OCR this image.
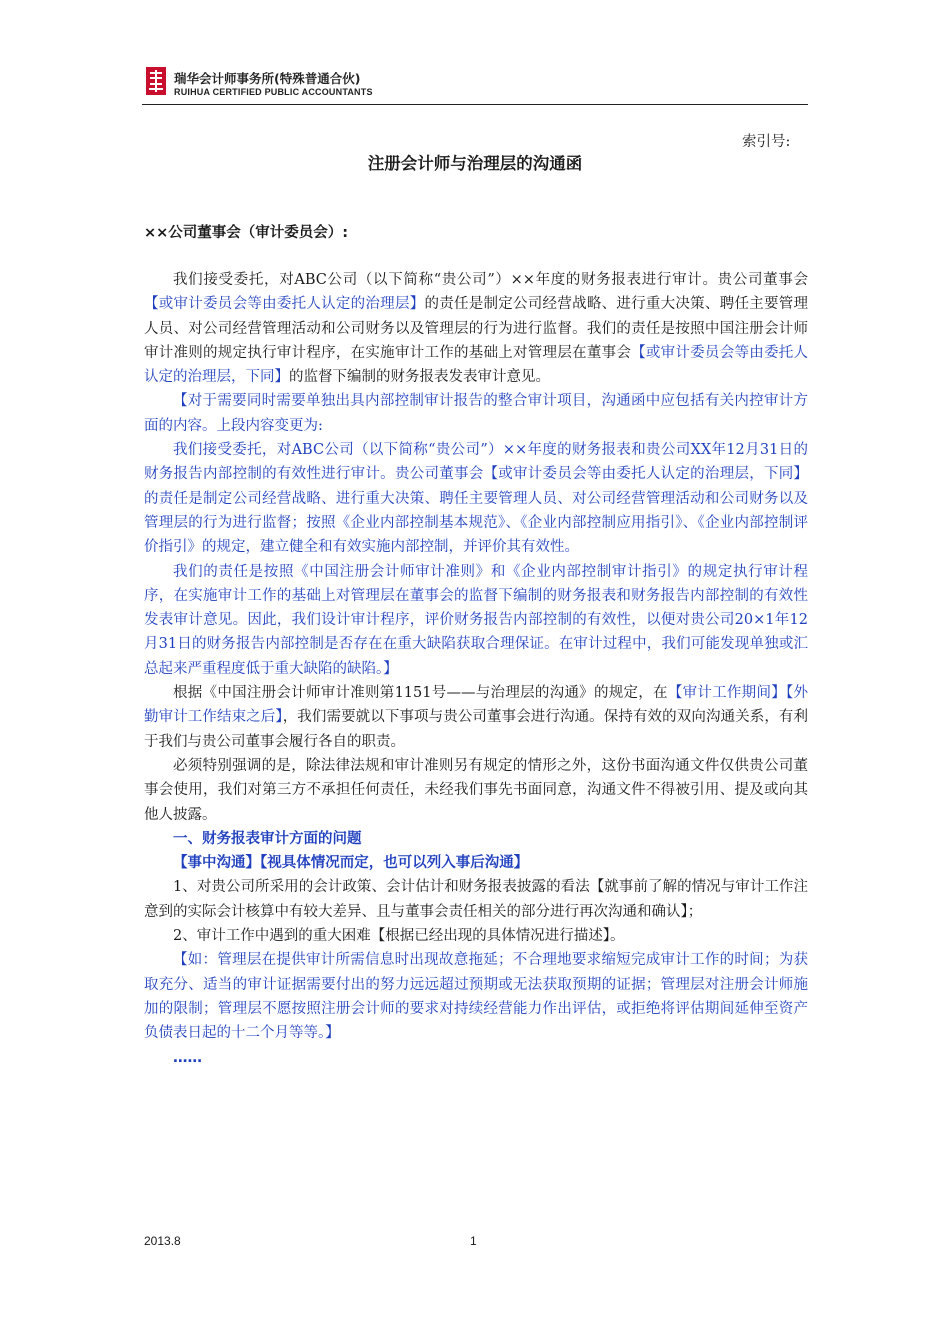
瑞华会计师事务所(特殊普通合伙)
RUIHUA CERTIFIED PUBLIC ACCOUNTANTS
索引号:
注册会计师与治理层的沟通函
××公司董事会（审计委员会）:

我们接受委托，对ABC公司（以下简称“贵公司”）××年度的财务报表进行审计。贵公司董事会【或审计委员会等由委托人认定的治理层】的责任是制定公司经营战略、进行重大决策、聘任主要管理人员、对公司经营管理活动和公司财务以及管理层的行为进行监督。我们的责任是按照中国注册会计师审计准则的规定执行审计程序，在实施审计工作的基础上对管理层在董事会【或审计委员会等由委托人认定的治理层，下同】的监督下编制的财务报表发表审计意见。

【对于需要同时需要单独出具内部控制审计报告的整合审计项目，沟通函中应包括有关内控审计方面的内容。上段内容变更为:

我们接受委托，对ABC公司（以下简称“贵公司”）××年度的财务报表和贵公司XX年12月31日的财务报告内部控制的有效性进行审计。贵公司董事会【或审计委员会等由委托人认定的治理层，下同】的责任是制定公司经营战略、进行重大决策、聘任主要管理人员、对公司经营管理活动和公司财务以及管理层的行为进行监督；按照《企业内部控制基本规范》、《企业内部控制应用指引》、《企业内部控制评价指引》的规定，建立健全和有效实施内部控制，并评价其有效性。

我们的责任是按照《中国注册会计师审计准则》和《企业内部控制审计指引》的规定执行审计程序，在实施审计工作的基础上对管理层在董事会的监督下编制的财务报表和财务报告内部控制的有效性发表审计意见。因此，我们设计审计程序，评价财务报告内部控制的有效性，以便对贵公司20×1年12月31日的财务报告内部控制是否存在在重大缺陷获取合理保证。在审计过程中，我们可能发现单独或汇总起来严重程度低于重大缺陷的缺陷。】

根据《中国注册会计师审计准则第1151号——与治理层的沟通》的规定，在【审计工作期间】【外勤审计工作结束之后】，我们需要就以下事项与贵公司董事会进行沟通。保持有效的双向沟通关系，有利于我们与贵公司董事会履行各自的职责。

必须特别强调的是，除法律法规和审计准则另有规定的情形之外，这份书面沟通文件仅供贵公司董事会使用，我们对第三方不承担任何责任，未经我们事先书面同意，沟通文件不得被引用、提及或向其他人披露。

一、财务报表审计方面的问题

【事中沟通】【视具体情况而定，也可以列入事后沟通】

1、对贵公司所采用的会计政策、会计估计和财务报表披露的看法【就事前了解的情况与审计工作注意到的实际会计核算中有较大差异、且与董事会责任相关的部分进行再次沟通和确认】；

2、审计工作中遇到的重大困难【根据已经出现的具体情况进行描述】。

【如：管理层在提供审计所需信息时出现故意拖延；不合理地要求缩短完成审计工作的时间；为获取充分、适当的审计证据需要付出的努力远远超过预期或无法获取预期的证据；管理层对注册会计师施加的限制；管理层不愿按照注册会计师的要求对持续经营能力作出评估，或拒绝将评估期间延伸至资产负债表日起的十二个月等等。】

……

2013.8	1
